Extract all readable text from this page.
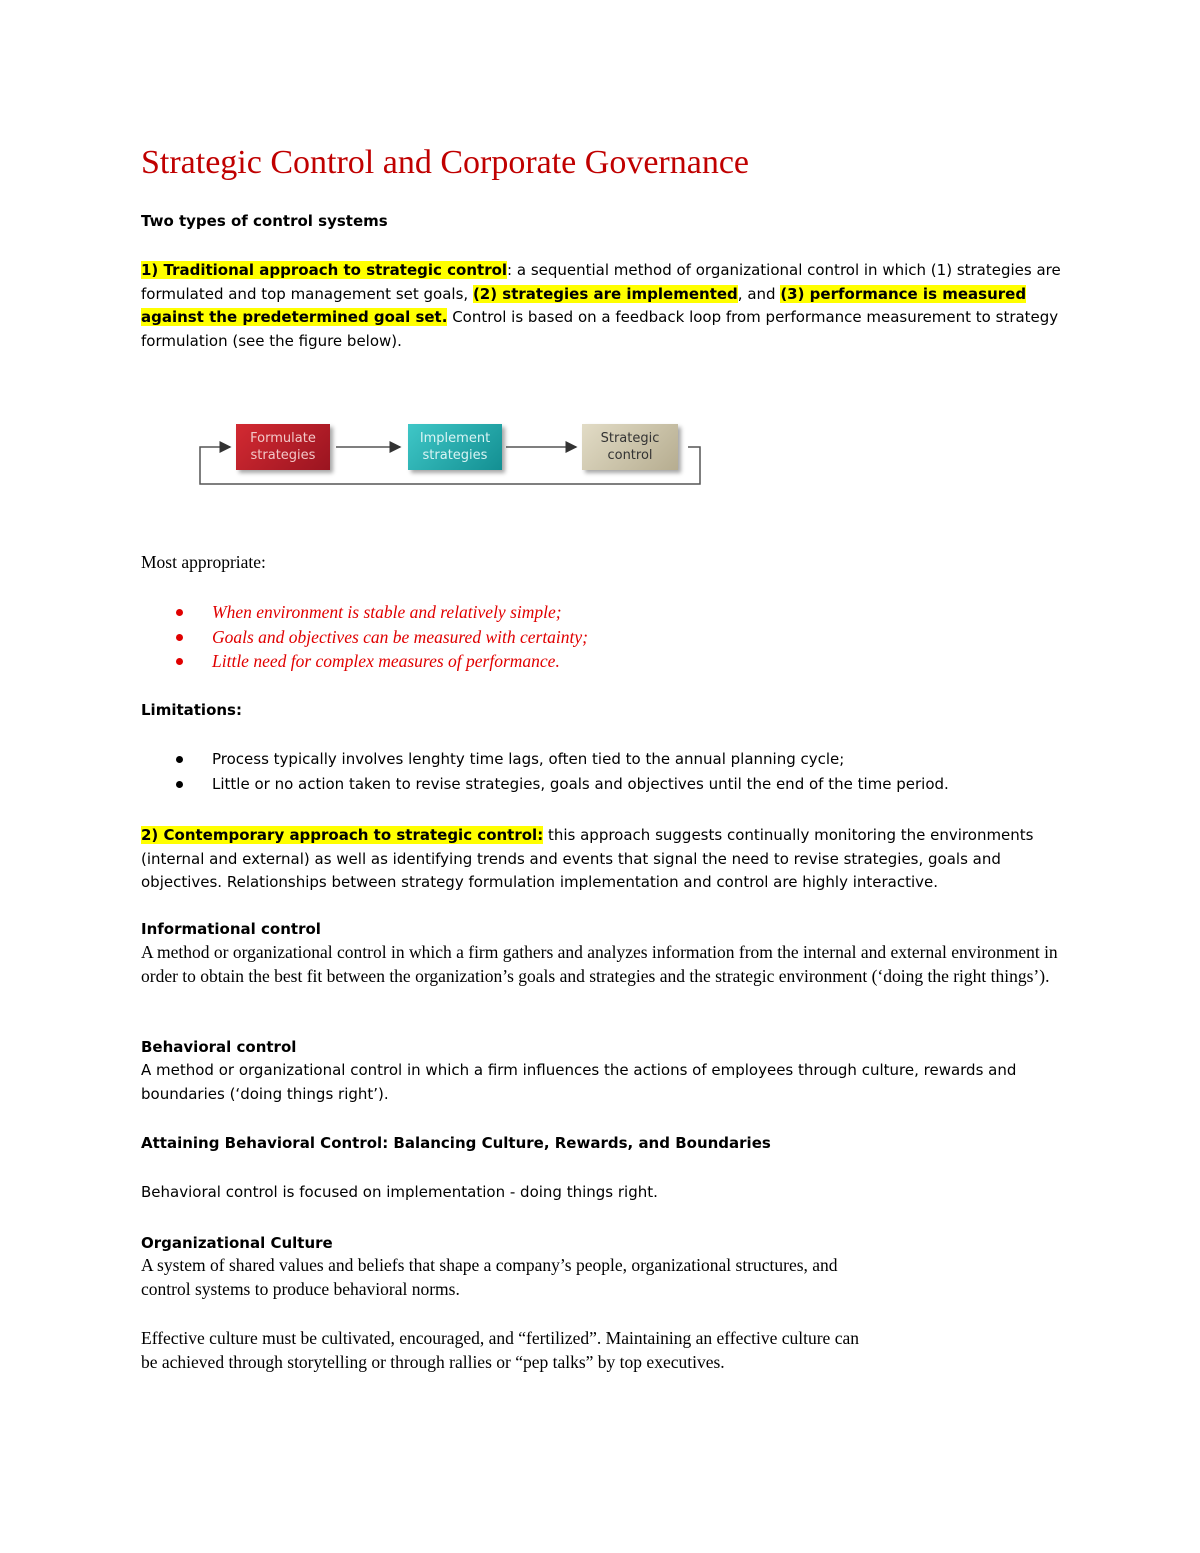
Strategic Control and Corporate Governance

Two types of control systems

1) Traditional approach to strategic control: a sequential method of organizational control in which (1) strategies are formulated and top management set goals, (2) strategies are implemented, and (3) performance is measured against the predetermined goal set. Control is based on a feedback loop from performance measurement to strategy formulation (see the figure below).

Formulate strategies
Implement strategies
Strategic control

Most appropriate:

When environment is stable and relatively simple;
Goals and objectives can be measured with certainty;
Little need for complex measures of performance.

Limitations:

Process typically involves lenghty time lags, often tied to the annual planning cycle;
Little or no action taken to revise strategies, goals and objectives until the end of the time period.

2) Contemporary approach to strategic control: this approach suggests continually monitoring the environments (internal and external) as well as identifying trends and events that signal the need to revise strategies, goals and objectives. Relationships between strategy formulation implementation and control are highly interactive.

Informational control

A method or organizational control in which a firm gathers and analyzes information from the internal and external environment in order to obtain the best fit between the organization’s goals and strategies and the strategic environment (‘doing the right things’).

Behavioral control

A method or organizational control in which a firm influences the actions of employees through culture, rewards and boundaries (‘doing things right’).

Attaining Behavioral Control: Balancing Culture, Rewards, and Boundaries

Behavioral control is focused on implementation - doing things right.

Organizational Culture

A system of shared values and beliefs that shape a company’s people, organizational structures, and

control systems to produce behavioral norms.

Effective culture must be cultivated, encouraged, and “fertilized”. Maintaining an effective culture can

be achieved through storytelling or through rallies or “pep talks” by top executives.
